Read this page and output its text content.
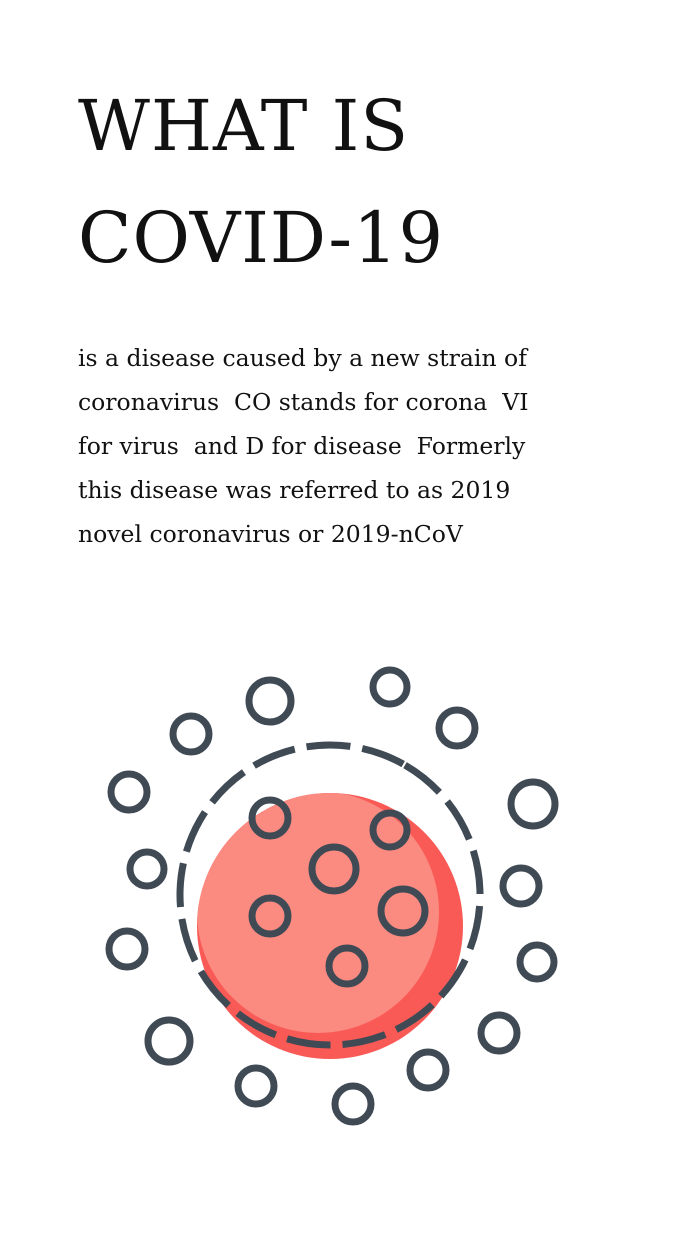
WHAT IS
COVID-19

is a disease caused by a new strain of
coronavirus  CO stands for corona  VI
for virus  and D for disease  Formerly
this disease was referred to as 2019
novel coronavirus or 2019-nCoV
